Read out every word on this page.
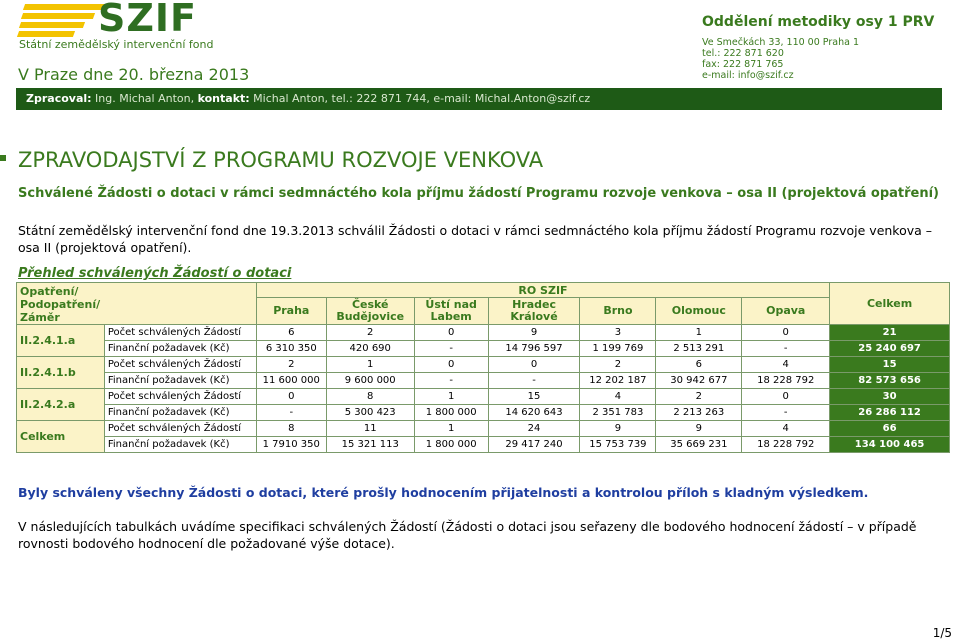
SZIF
Státní zemědělský intervenční fond
V Praze dne 20. března 2013
Oddělení metodiky osy 1 PRV
Ve Smečkách 33, 110 00 Praha 1
tel.: 222 871 620
fax: 222 871 765
e-mail: info@szif.cz
Zpracoval: Ing. Michal Anton, kontakt: Michal Anton, tel.: 222 871 744, e-mail: Michal.Anton@szif.cz
ZPRAVODAJSTVÍ Z PROGRAMU ROZVOJE VENKOVA
Schválené Žádosti o dotaci v rámci sedmnáctého kola příjmu žádostí Programu rozvoje venkova – osa II (projektová opatření)
Státní zemědělský intervenční fond dne 19.3.2013 schválil Žádosti o dotaci v rámci sedmnáctého kola příjmu žádostí Programu rozvoje venkova – osa II (projektová opatření).
Přehled schválených Žádostí o dotaci
Opatření/ Podopatření/ Záměr		RO SZIF							Celkem
		Praha	České Budějovice	Ústí nad Labem	Hradec Králové	Brno	Olomouc	Opava	
II.2.4.1.a	Počet schválených Žádostí	6	2	0	9	3	1	0	21
	Finanční požadavek (Kč)	6 310 350	420 690	-	14 796 597	1 199 769	2 513 291	-	25 240 697
II.2.4.1.b	Počet schválených Žádostí	2	1	0	0	2	6	4	15
	Finanční požadavek (Kč)	11 600 000	9 600 000	-	-	12 202 187	30 942 677	18 228 792	82 573 656
II.2.4.2.a	Počet schválených Žádostí	0	8	1	15	4	2	0	30
	Finanční požadavek (Kč)	-	5 300 423	1 800 000	14 620 643	2 351 783	2 213 263	-	26 286 112
Celkem	Počet schválených Žádostí	8	11	1	24	9	9	4	66
	Finanční požadavek (Kč)	1 7910 350	15 321 113	1 800 000	29 417 240	15 753 739	35 669 231	18 228 792	134 100 465
Byly schváleny všechny Žádosti o dotaci, které prošly hodnocením přijatelnosti a kontrolou příloh s kladným výsledkem.
V následujících tabulkách uvádíme specifikaci schválených Žádostí (Žádosti o dotaci jsou seřazeny dle bodového hodnocení žádostí – v případě rovnosti bodového hodnocení dle požadované výše dotace).
1/5
